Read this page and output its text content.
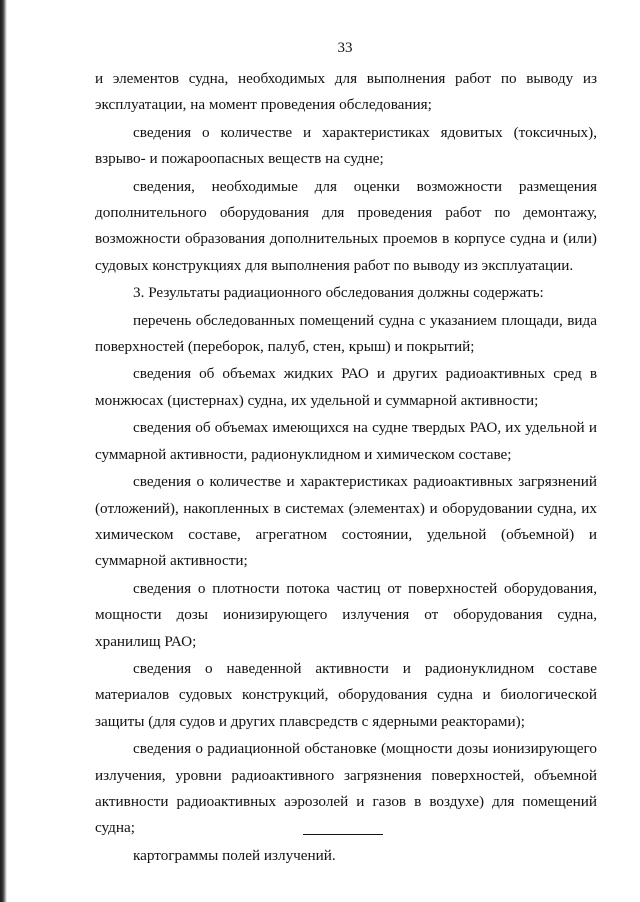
33

и элементов судна, необходимых для выполнения работ по выводу из эксплуатации, на момент проведения обследования;

сведения о количестве и характеристиках ядовитых (токсичных), взрыво- и пожароопасных веществ на судне;

сведения, необходимые для оценки возможности размещения дополнительного оборудования для проведения работ по демонтажу, возможности образования дополнительных проемов в корпусе судна и (или) судовых конструкциях для выполнения работ по выводу из эксплуатации.

3. Результаты радиационного обследования должны содержать:

перечень обследованных помещений судна с указанием площади, вида поверхностей (переборок, палуб, стен, крыш) и покрытий;

сведения об объемах жидких РАО и других радиоактивных сред в монжюсах (цистернах) судна, их удельной и суммарной активности;

сведения об объемах имеющихся на судне твердых РАО, их удельной и суммарной активности, радионуклидном и химическом составе;

сведения о количестве и характеристиках радиоактивных загрязнений (отложений), накопленных в системах (элементах) и оборудовании судна, их химическом составе, агрегатном состоянии, удельной (объемной) и суммарной активности;

сведения о плотности потока частиц от поверхностей оборудования, мощности дозы ионизирующего излучения от оборудования судна, хранилищ РАО;

сведения о наведенной активности и радионуклидном составе материалов судовых конструкций, оборудования судна и биологической защиты (для судов и других плавсредств с ядерными реакторами);

сведения о радиационной обстановке (мощности дозы ионизирующего излучения, уровни радиоактивного загрязнения поверхностей, объемной активности радиоактивных аэрозолей и газов в воздухе) для помещений судна;

картограммы полей излучений.
